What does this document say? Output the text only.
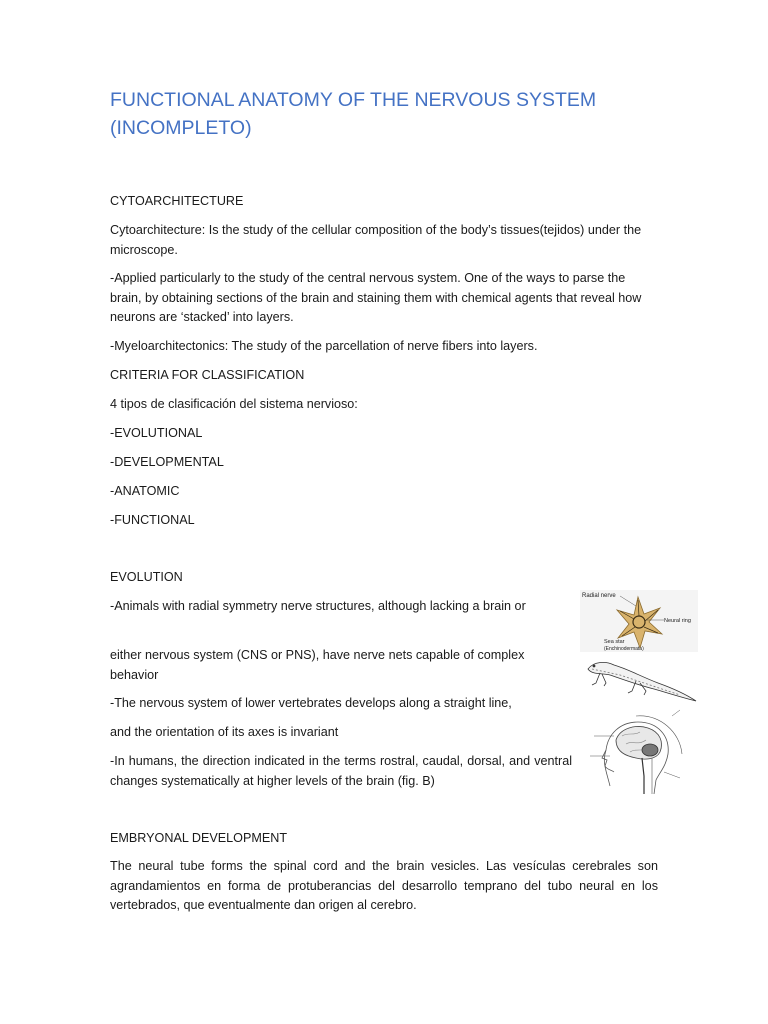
FUNCTIONAL ANATOMY OF THE NERVOUS SYSTEM
(INCOMPLETO)

CYTOARCHITECTURE

Cytoarchitecture: Is the study of the cellular composition of the body’s tissues(tejidos) under the microscope.

-Applied particularly to the study of the central nervous system. One of the ways to parse the brain, by obtaining sections of the brain and staining them with chemical agents that reveal how neurons are ‘stacked’ into layers.

-Myeloarchitectonics: The study of the parcellation of nerve fibers into layers.

CRITERIA FOR CLASSIFICATION

4 tipos de clasificación del sistema nervioso:

-EVOLUTIONAL

-DEVELOPMENTAL

-ANATOMIC

-FUNCTIONAL

EVOLUTION

-Animals with radial symmetry nerve structures, although lacking a brain or

either nervous system (CNS or PNS), have nerve nets capable of complex behavior

-The nervous system of lower vertebrates develops along a straight line,

and the orientation of its axes is invariant

-In humans, the direction indicated in the terms rostral, caudal, dorsal, and ventral changes systematically at higher levels of the brain (fig. B)

EMBRYONAL DEVELOPMENT

The neural tube forms the spinal cord and the brain vesicles. Las vesículas cerebrales son agrandamientos en forma de protuberancias del desarrollo temprano del tubo neural en los vertebrados, que eventualmente dan origen al cerebro.

Radial nerve
Neural ring
Sea star
(Enchinodermata)
